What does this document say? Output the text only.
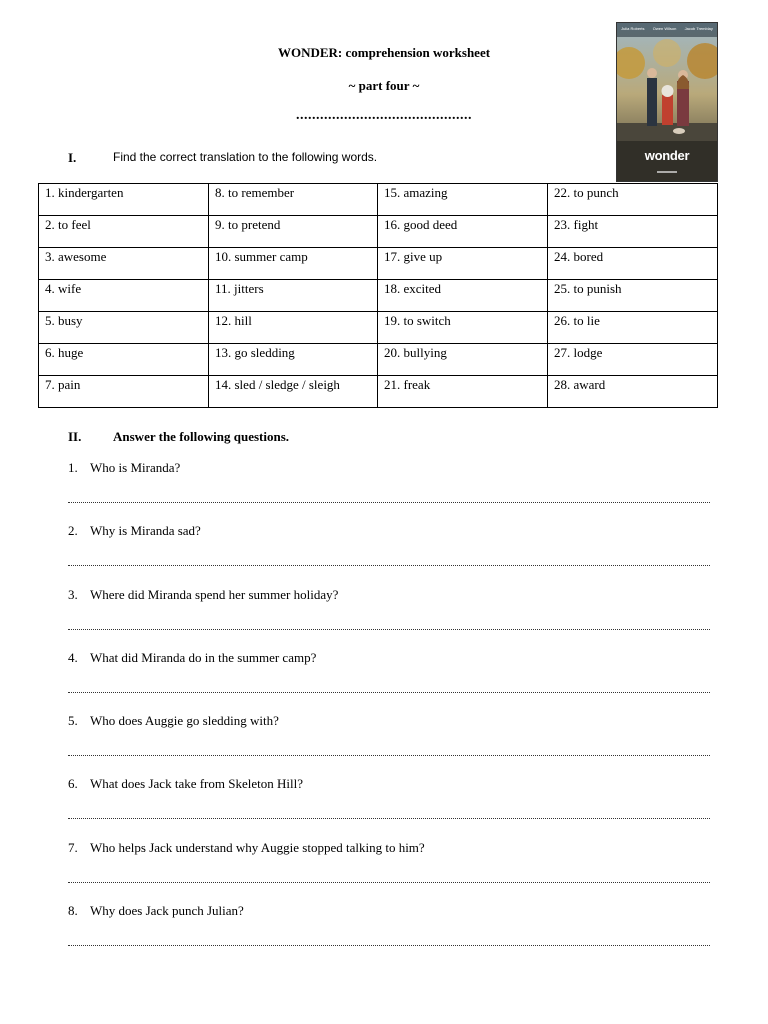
WONDER: comprehension worksheet
~ part four ~
............................................
Julia Roberts Owen Wilson Jacob Tremblay
wonder
I.	Find the correct translation to the following words.
1. kindergarten	8. to remember	15. amazing	22. to punch
2. to feel	9. to pretend	16. good deed	23. fight
3. awesome	10. summer camp	17. give up	24. bored
4. wife	11. jitters	18. excited	25. to punish
5. busy	12. hill	19. to switch	26. to lie
6. huge	13. go sledding	20. bullying	27. lodge
7. pain	14. sled / sledge / sleigh	21. freak	28. award
II. Answer the following questions.
1. Who is Miranda?
2. Why is Miranda sad?
3. Where did Miranda spend her summer holiday?
4. What did Miranda do in the summer camp?
5. Who does Auggie go sledding with?
6. What does Jack take from Skeleton Hill?
7. Who helps Jack understand why Auggie stopped talking to him?
8. Why does Jack punch Julian?
